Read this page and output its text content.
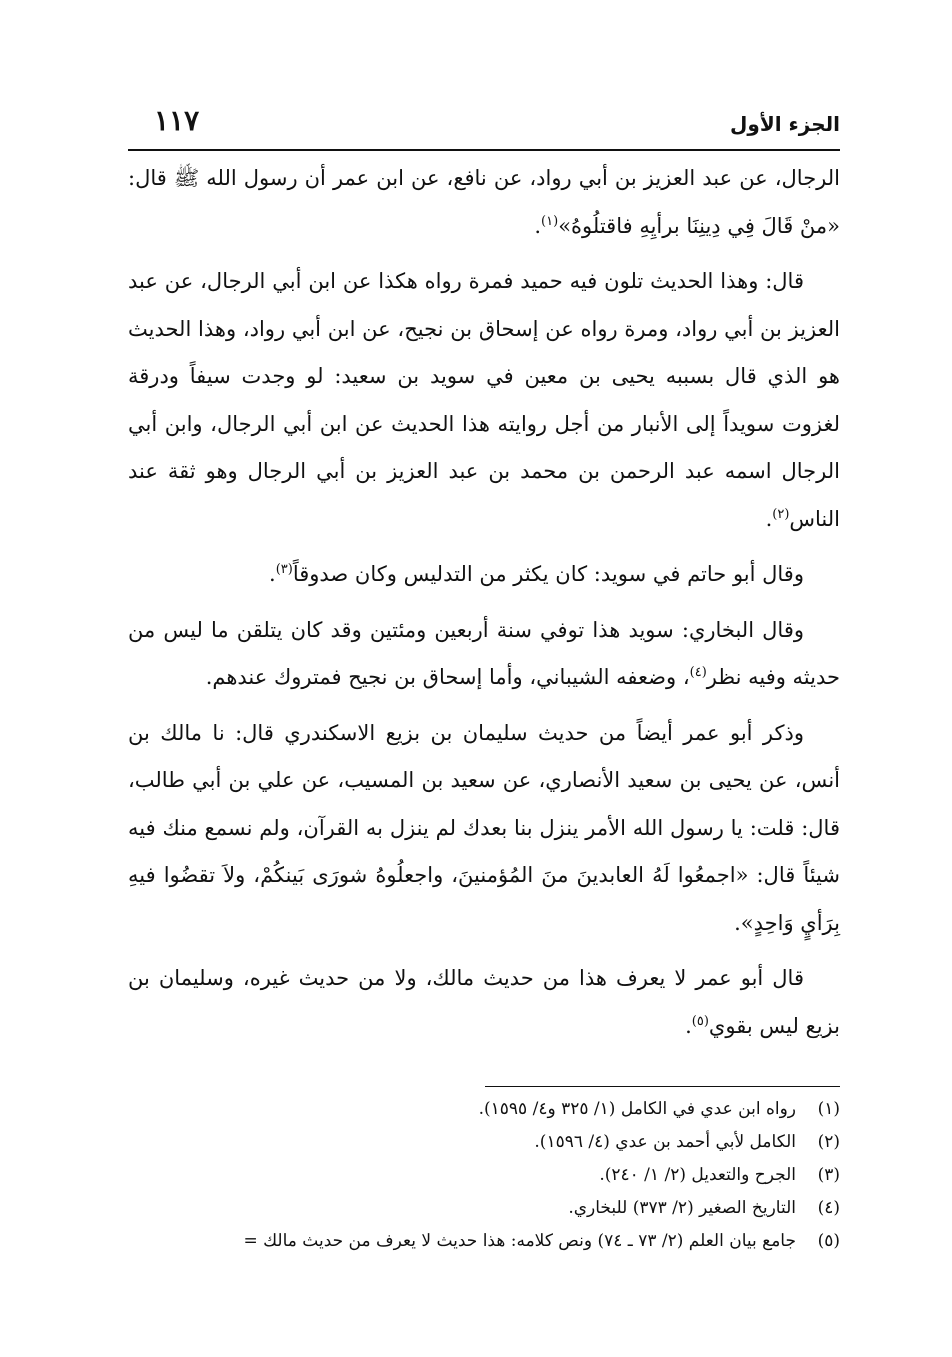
الجزء الأول
١١٧

الرجال، عن عبد العزيز بن أبي رواد، عن نافع، عن ابن عمر أن رسول الله ﷺ قال: «منْ قَالَ فِي دِينِنَا برأيِهِ فاقتلُوهُ»$^{(١)}$.

قال: وهذا الحديث تلون فيه حميد فمرة رواه هكذا عن ابن أبي الرجال، عن عبد العزيز بن أبي رواد، ومرة رواه عن إسحاق بن نجيح، عن ابن أبي رواد، وهذا الحديث هو الذي قال بسببه يحيى بن معين في سويد بن سعيد: لو وجدت سيفاً ودرقة لغزوت سويداً إلى الأنبار من أجل روايته هذا الحديث عن ابن أبي الرجال، وابن أبي الرجال اسمه عبد الرحمن بن محمد بن عبد العزيز بن أبي الرجال وهو ثقة عند الناس$^{(٢)}$.

وقال أبو حاتم في سويد: كان يكثر من التدليس وكان صدوقاً$^{(٣)}$.

وقال البخاري: سويد هذا توفي سنة أربعين ومئتين وقد كان يتلقن ما ليس من حديثه وفيه نظر$^{(٤)}$، وضعفه الشيباني، وأما إسحاق بن نجيح فمتروك عندهم.

وذكر أبو عمر أيضاً من حديث سليمان بن بزيع الاسكندري قال: نا مالك بن أنس، عن يحيى بن سعيد الأنصاري، عن سعيد بن المسيب، عن علي بن أبي طالب، قال: قلت: يا رسول الله الأمر ينزل بنا بعدك لم ينزل به القرآن، ولم نسمع منك فيه شيئاً قال: «اجمعُوا لَهُ العابدينَ منَ المُؤمنينَ، واجعلُوهُ شورَى بَينكُمْ، ولاَ تقضُوا فيهِ بِرَأيٍ وَاحِدٍ».

قال أبو عمر لا يعرف هذا من حديث مالك، ولا من حديث غيره، وسليمان بن بزيع ليس بقوي$^{(٥)}$.

(١)رواه ابن عدي في الكامل (١/ ٣٢٥ و٤/ ١٥٩٥).

(٢)الكامل لأبي أحمد بن عدي (٤/ ١٥٩٦).

(٣)الجرح والتعديل (٢/ ١/ ٢٤٠).

(٤)التاريخ الصغير (٢/ ٣٧٣) للبخاري.

(٥)جامع بيان العلم (٢/ ٧٣ ـ ٧٤) ونص كلامه: هذا حديث لا يعرف من حديث مالك =
